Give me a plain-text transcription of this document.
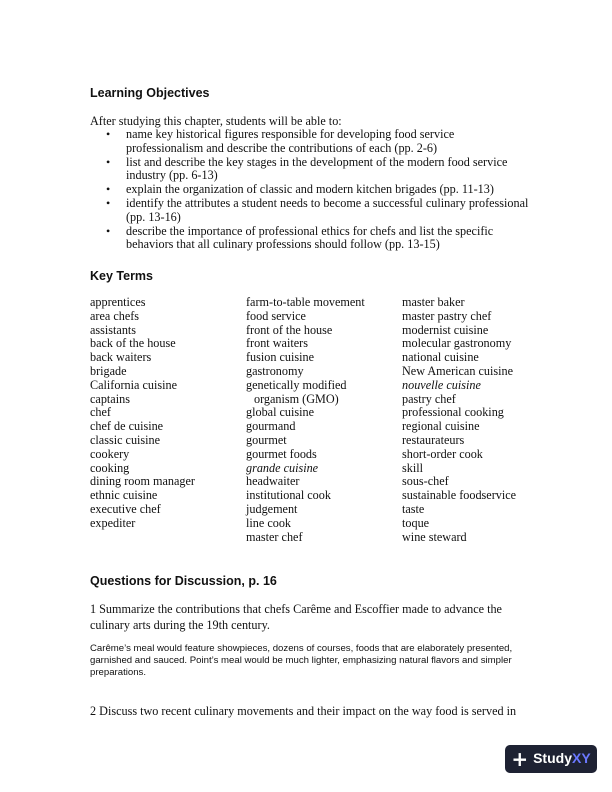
Learning Objectives
After studying this chapter, students will be able to:
• name key historical figures responsible for developing food service professionalism and describe the contributions of each (pp. 2-6)
• list and describe the key stages in the development of the modern food service industry (pp. 6-13)
• explain the organization of classic and modern kitchen brigades (pp. 11-13)
• identify the attributes a student needs to become a successful culinary professional (pp. 13-16)
• describe the importance of professional ethics for chefs and list the specific behaviors that all culinary professions should follow (pp. 13-15)
Key Terms
apprentices
area chefs
assistants
back of the house
back waiters
brigade
California cuisine
captains
chef
chef de cuisine
classic cuisine
cookery
cooking
dining room manager
ethnic cuisine
executive chef
expediter
farm-to-table movement
food service
front of the house
front waiters
fusion cuisine
gastronomy
genetically modified
organism (GMO)
global cuisine
gourmand
gourmet
gourmet foods
grande cuisine
headwaiter
institutional cook
judgement
line cook
master chef
master baker
master pastry chef
modernist cuisine
molecular gastronomy
national cuisine
New American cuisine
nouvelle cuisine
pastry chef
professional cooking
regional cuisine
restaurateurs
short-order cook
skill
sous-chef
sustainable foodservice
taste
toque
wine steward
Questions for Discussion, p. 16
1 Summarize the contributions that chefs Carême and Escoffier made to advance the culinary arts during the 19th century.
Carême’s meal would feature showpieces, dozens of courses, foods that are elaborately presented, garnished and sauced. Point’s meal would be much lighter, emphasizing natural flavors and simpler preparations.
2 Discuss two recent culinary movements and their impact on the way food is served in
+ StudyXY
